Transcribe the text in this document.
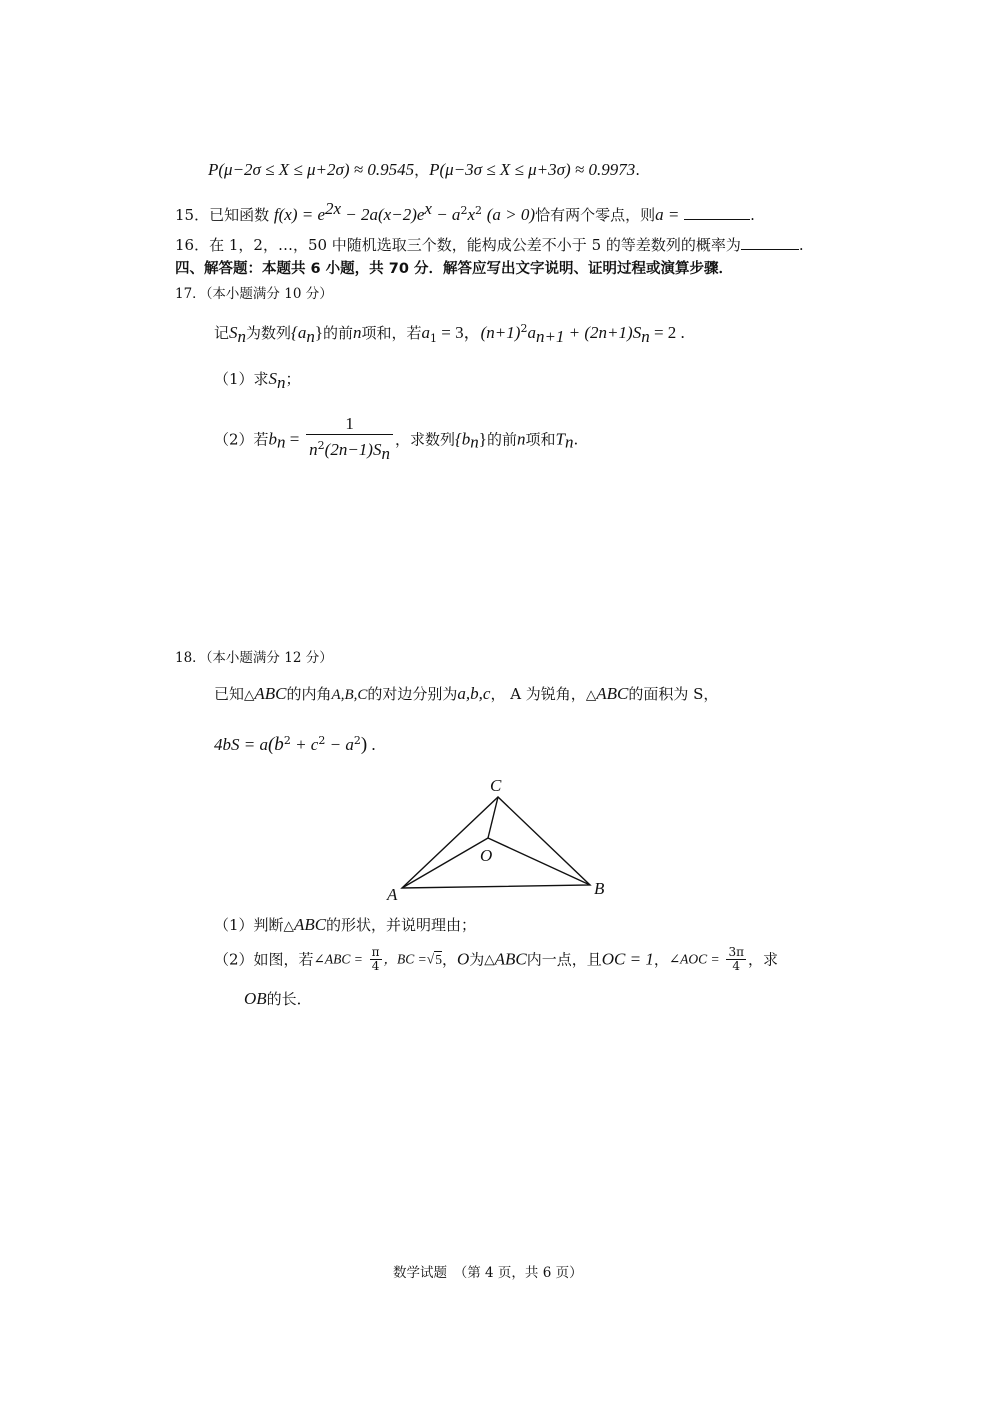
P(μ−2σ ≤ X ≤ μ+2σ) ≈ 0.9545，P(μ−3σ ≤ X ≤ μ+3σ) ≈ 0.9973.
15．已知函数 $f(x) = e^{2x} - 2a(x-2)e^x - a^2x^2$ (a > 0)恰有两个零点，则a =	.
16．在 1，2，…，50 中随机选取三个数，能构成公差不小于 5 的等差数列的概率为	.
四、解答题：本题共 6 小题，共 70 分．解答应写出文字说明、证明过程或演算步骤．
17．（本小题满分 10 分）
记$S_n$为数列$\{a_n\}$的前n项和，若$a_1 = 3$，$(n+1)^2a_{n+1} + (2n+1)S_n = 2$ .
（1）求$S_n$；
（2）若$b_n = \frac{1}{n^2(2n-1)S_n}$ ，求数列$\{b_n\}$的前n项和$T_n$.
18．（本小题满分 12 分）
已知△ABC的内角A,B,C的对边分别为a,b,c， A 为锐角，△ABC的面积为 S，
$4bS = a(b^2 + c^2 - a^2)$ .
A	B
C
O
（1）判断△ABC的形状，并说明理由；
（2）如图，若∠ABC = $\frac{\pi}{4}$ ，BC =√5，O为△ABC内一点，且OC = 1，∠AOC = $\frac{3\pi}{4}$ ，求
OB的长．
数学试题　（第 4 页，共 6 页）
